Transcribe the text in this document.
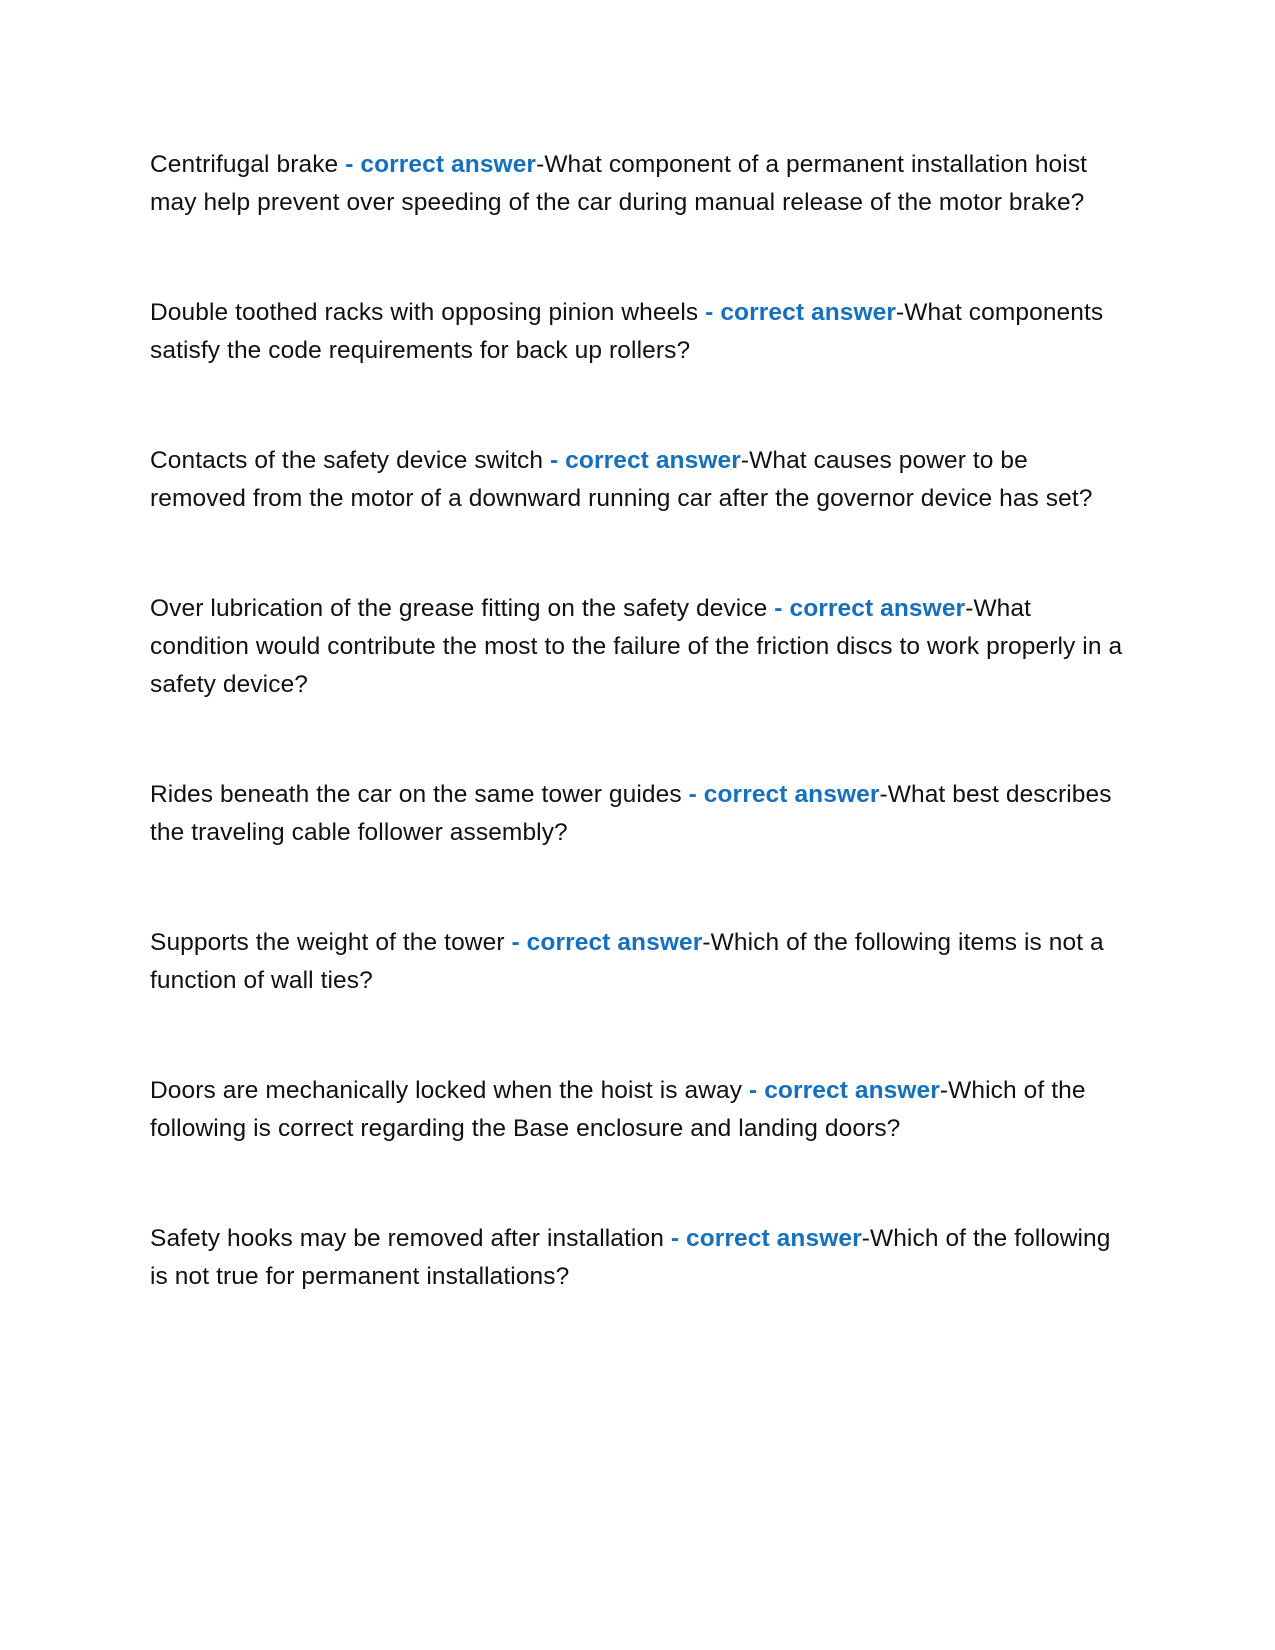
Centrifugal brake - correct answer-What component of a permanent installation hoist may help prevent over speeding of the car during manual release of the motor brake?

Double toothed racks with opposing pinion wheels - correct answer-What components satisfy the code requirements for back up rollers?

Contacts of the safety device switch - correct answer-What causes power to be removed from the motor of a downward running car after the governor device has set?

Over lubrication of the grease fitting on the safety device - correct answer-What condition would contribute the most to the failure of the friction discs to work properly in a safety device?

Rides beneath the car on the same tower guides - correct answer-What best describes the traveling cable follower assembly?

Supports the weight of the tower - correct answer-Which of the following items is not a function of wall ties?

Doors are mechanically locked when the hoist is away - correct answer-Which of the following is correct regarding the Base enclosure and landing doors?

Safety hooks may be removed after installation - correct answer-Which of the following is not true for permanent installations?
